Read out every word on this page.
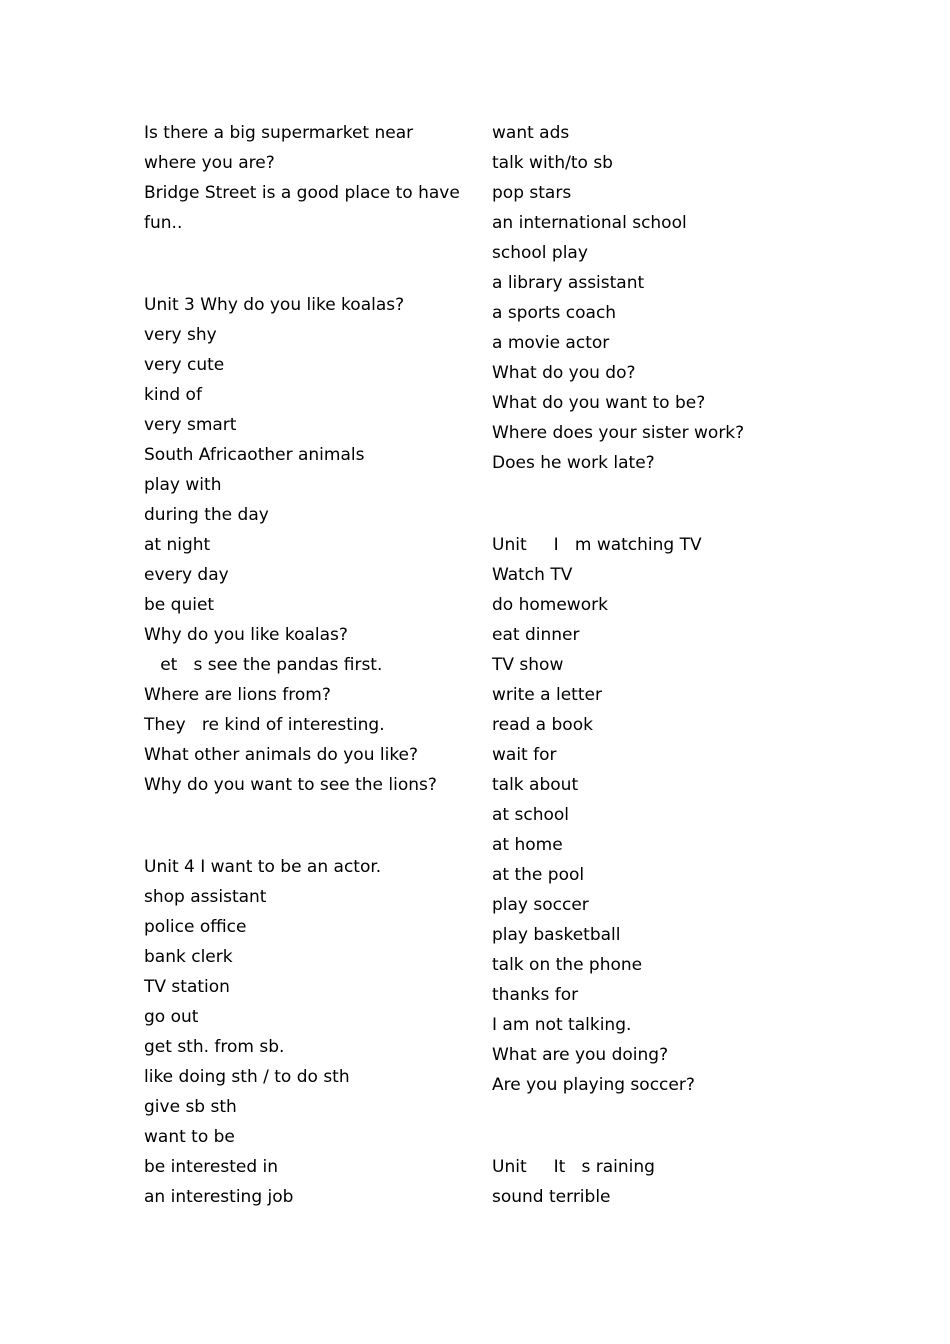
Is there a big supermarket near
where you are?
Bridge Street is a good place to have
fun..
Unit 3 Why do you like koalas?
very shy
very cute
kind of
very smart
South Africaother animals
play with
during the day
at night
every day
be quiet
Why do you like koalas?
et   s see the pandas first.
Where are lions from?
They   re kind of interesting.
What other animals do you like?
Why do you want to see the lions?
Unit 4 I want to be an actor.
shop assistant
police office
bank clerk
TV station
go out
get sth. from sb.
like doing sth / to do sth
give sb sth
want to be
be interested in
an interesting job
want ads
talk with/to sb
pop stars
an international school
school play
a library assistant
a sports coach
a movie actor
What do you do?
What do you want to be?
Where does your sister work?
Does he work late?
Unit     I   m watching TV
Watch TV
do homework
eat dinner
TV show
write a letter
read a book
wait for
talk about
at school
at home
at the pool
play soccer
play basketball
talk on the phone
thanks for
I am not talking.
What are you doing?
Are you playing soccer?
Unit     It   s raining
sound terrible
